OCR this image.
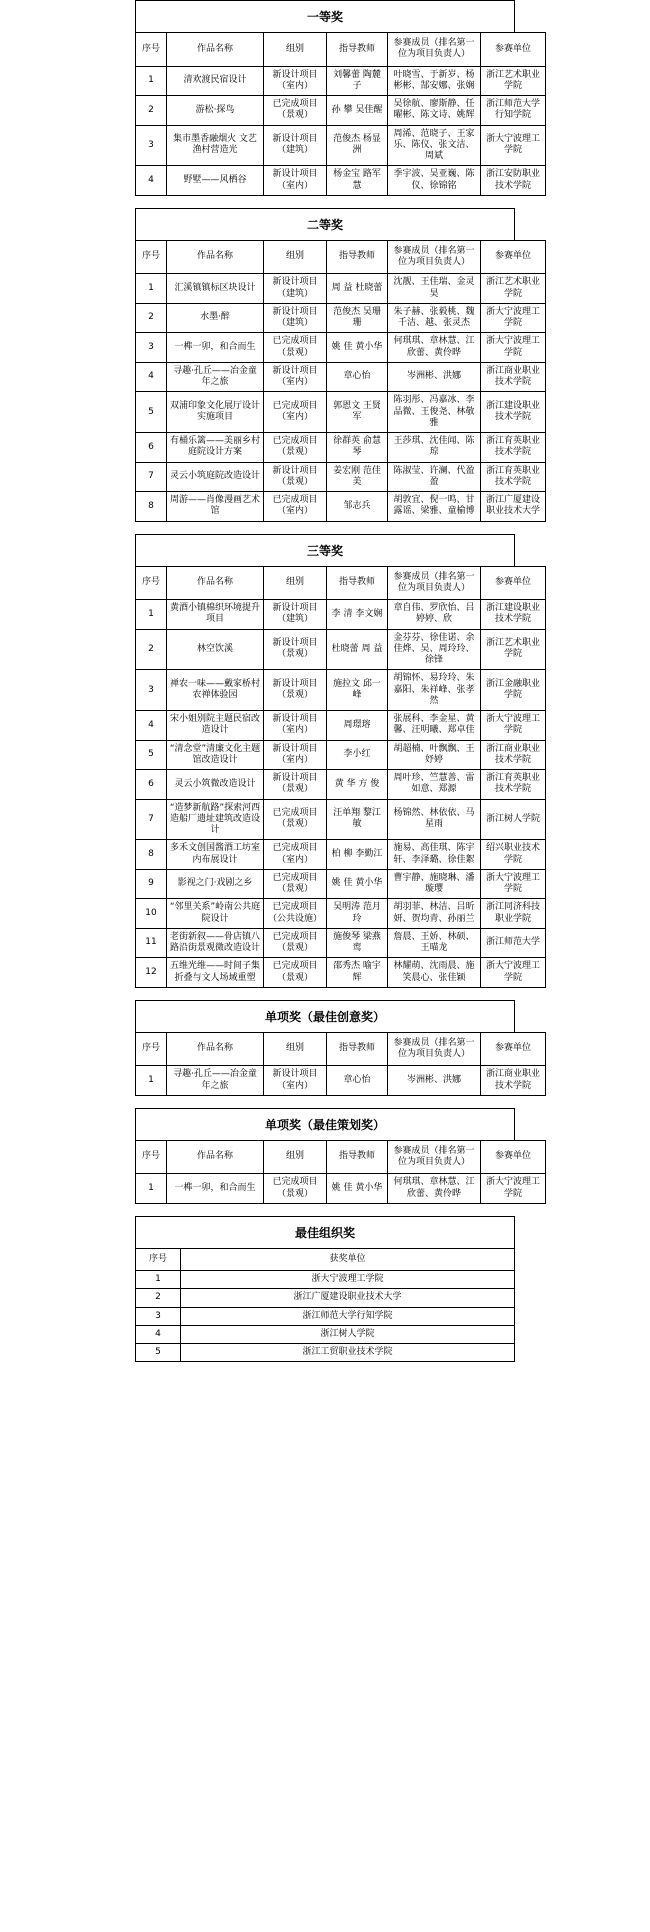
一等奖
序号	作品名称	组别	指导教师	参赛成员（排名第一位为项目负责人）	参赛单位
1	清欢渡民宿设计	新设计项目（室内）	刘馨蕾 陶麓子	叶晓雪、于新岁、杨彬彬、郜安娜、张娴	浙江艺术职业学院
2	游松·探鸟	已完成项目（景观）	孙 攀 吴佳醒	吴徐航、廖斯静、任曜彬、陈文诗、姚辉	浙江师范大学行知学院
3	集市墨香融烟火 文艺渔村营造光	新设计项目（建筑）	范俊杰 杨显洲	周浠、范晓子、王家乐、陈仪、张文洁、周斌	浙大宁波理工学院
4	野墅——风栖谷	新设计项目（室内）	杨金宝 路军慧	季宇波、吴亚巍、陈仪、徐锦铭	浙江安防职业技术学院
二等奖
序号	作品名称	组别	指导教师	参赛成员（排名第一位为项目负责人）	参赛单位
1	汇溪镇镇标区块设计	新设计项目（建筑）	周 益 杜晓蕾	沈靓、王佳瑞、金灵昊	浙江艺术职业学院
2	水墨·醉	新设计项目（建筑）	范俊杰 吴珊珊	朱子赫、张毅桃、魏千洁、越、张灵杰	浙大宁波理工学院
3	一榫一卯，和合而生	已完成项目（景观）	姚 佳 黄小华	何琪琪、章林慧、江欣蕾、黄伶晔	浙大宁波理工学院
4	寻趣·孔丘——冶金童年之旅	新设计项目（室内）	章心怡	岑洲彬、洪娜	浙江商业职业技术学院
5	双浦印象文化展厅设计实施项目	已完成项目（室内）	郭恩文 王贤军	陈羽彤、冯嘉冰、李品微、王俊尧、林敬雅	浙江建设职业技术学院
6	有桶乐篱——美丽乡村庭院设计方案	已完成项目（景观）	徐群英 俞慧琴	王莎琪、沈佳闻、陈琼	浙江育英职业技术学院
7	灵云小筑庭院改造设计	新设计项目（景观）	姜宏刚 范佳美	陈淑莹、许澜、代盈盈	浙江育英职业技术学院
8	周游——肖像漫画艺术馆	已完成项目（室内）	邹志兵	胡敦宜、倪一鸣、甘露谣、梁雅、童榆博	浙江广厦建设职业技术大学
三等奖
序号	作品名称	组别	指导教师	参赛成员（排名第一位为项目负责人）	参赛单位
1	黄酒小镇棉织环境提升项目	新设计项目（建筑）	李 清 李文娴	章自伟、罗欣怡、吕婷婷、欣	浙江建设职业技术学院
2	林空饮溪	新设计项目（景观）	杜晓蕾 周 益	金芬芬、徐佳诺、余佳烨、吴、周玲玲、徐锋	浙江艺术职业学院
3	禅农一味——戴家桥村农禅体验园	新设计项目（景观）	施拉文 邱一峰	胡锦怀、易玲玲、朱嘉阳、朱祥峰、张孝然	浙江金融职业学院
4	宋小姐别院主题民宿改造设计	新设计项目（室内）	周璟瑢	张展科、李金星、黄馨、汪明曦、郑卓佳	浙大宁波理工学院
5	“清念堂”清廉文化主题馆改造设计	新设计项目（室内）	李小红	胡超楠、叶飘飘、王妤婷	浙江商业职业技术学院
6	灵云小筑微改造设计	新设计项目（景观）	黄 华 方 俊	周叶珍、竺慧善、雷如意、郑源	浙江育英职业技术学院
7	“造梦新航路”探索河西造船厂遗址建筑改造设计	已完成项目（景观）	汪单翔 黎江敏	杨锦然、林依依、马星雨	浙江树人学院
8	多禾文创国酱酒工坊室内布展设计	已完成项目（室内）	柏 柳 李勤江	施易、高佳琪、陈宇轩、李泽璐、徐佳絮	绍兴职业技术学院
9	影视之门·戏剧之乡	已完成项目（景观）	姚 佳 黄小华	曹宇静、施晓琳、潘璇璎	浙大宁波理工学院
10	“邻里关系”岭南公共庭院设计	已完成项目（公共设施）	吴明涛 范月玲	胡羽菲、林洁、吕昕妍、贺均青、孙丽兰	浙江同济科技职业学院
11	老街新叙——骨店镇八路沿街景观微改造设计	已完成项目（景观）	施俊琴 梁燕鸾	詹晨、王娇、林硕、王喵龙	浙江师范大学
12	五维光维——时间子集折叠与文人场域重塑	已完成项目（景观）	邵秀杰 喻宇辉	林耀萌、沈雨晨、施笑晨心、张佳颖	浙大宁波理工学院
单项奖（最佳创意奖）
序号	作品名称	组别	指导教师	参赛成员（排名第一位为项目负责人）	参赛单位
1	寻趣·孔丘——冶金童年之旅	新设计项目（室内）	章心怡	岑洲彬、洪娜	浙江商业职业技术学院
单项奖（最佳策划奖）
序号	作品名称	组别	指导教师	参赛成员（排名第一位为项目负责人）	参赛单位
1	一榫一卯，和合而生	已完成项目（景观）	姚 佳 黄小华	何琪琪、章林慧、江欣蕾、黄伶晔	浙大宁波理工学院
最佳组织奖
序号	获奖单位
1	浙大宁波理工学院
2	浙江广厦建设职业技术大学
3	浙江师范大学行知学院
4	浙江树人学院
5	浙江工贸职业技术学院
